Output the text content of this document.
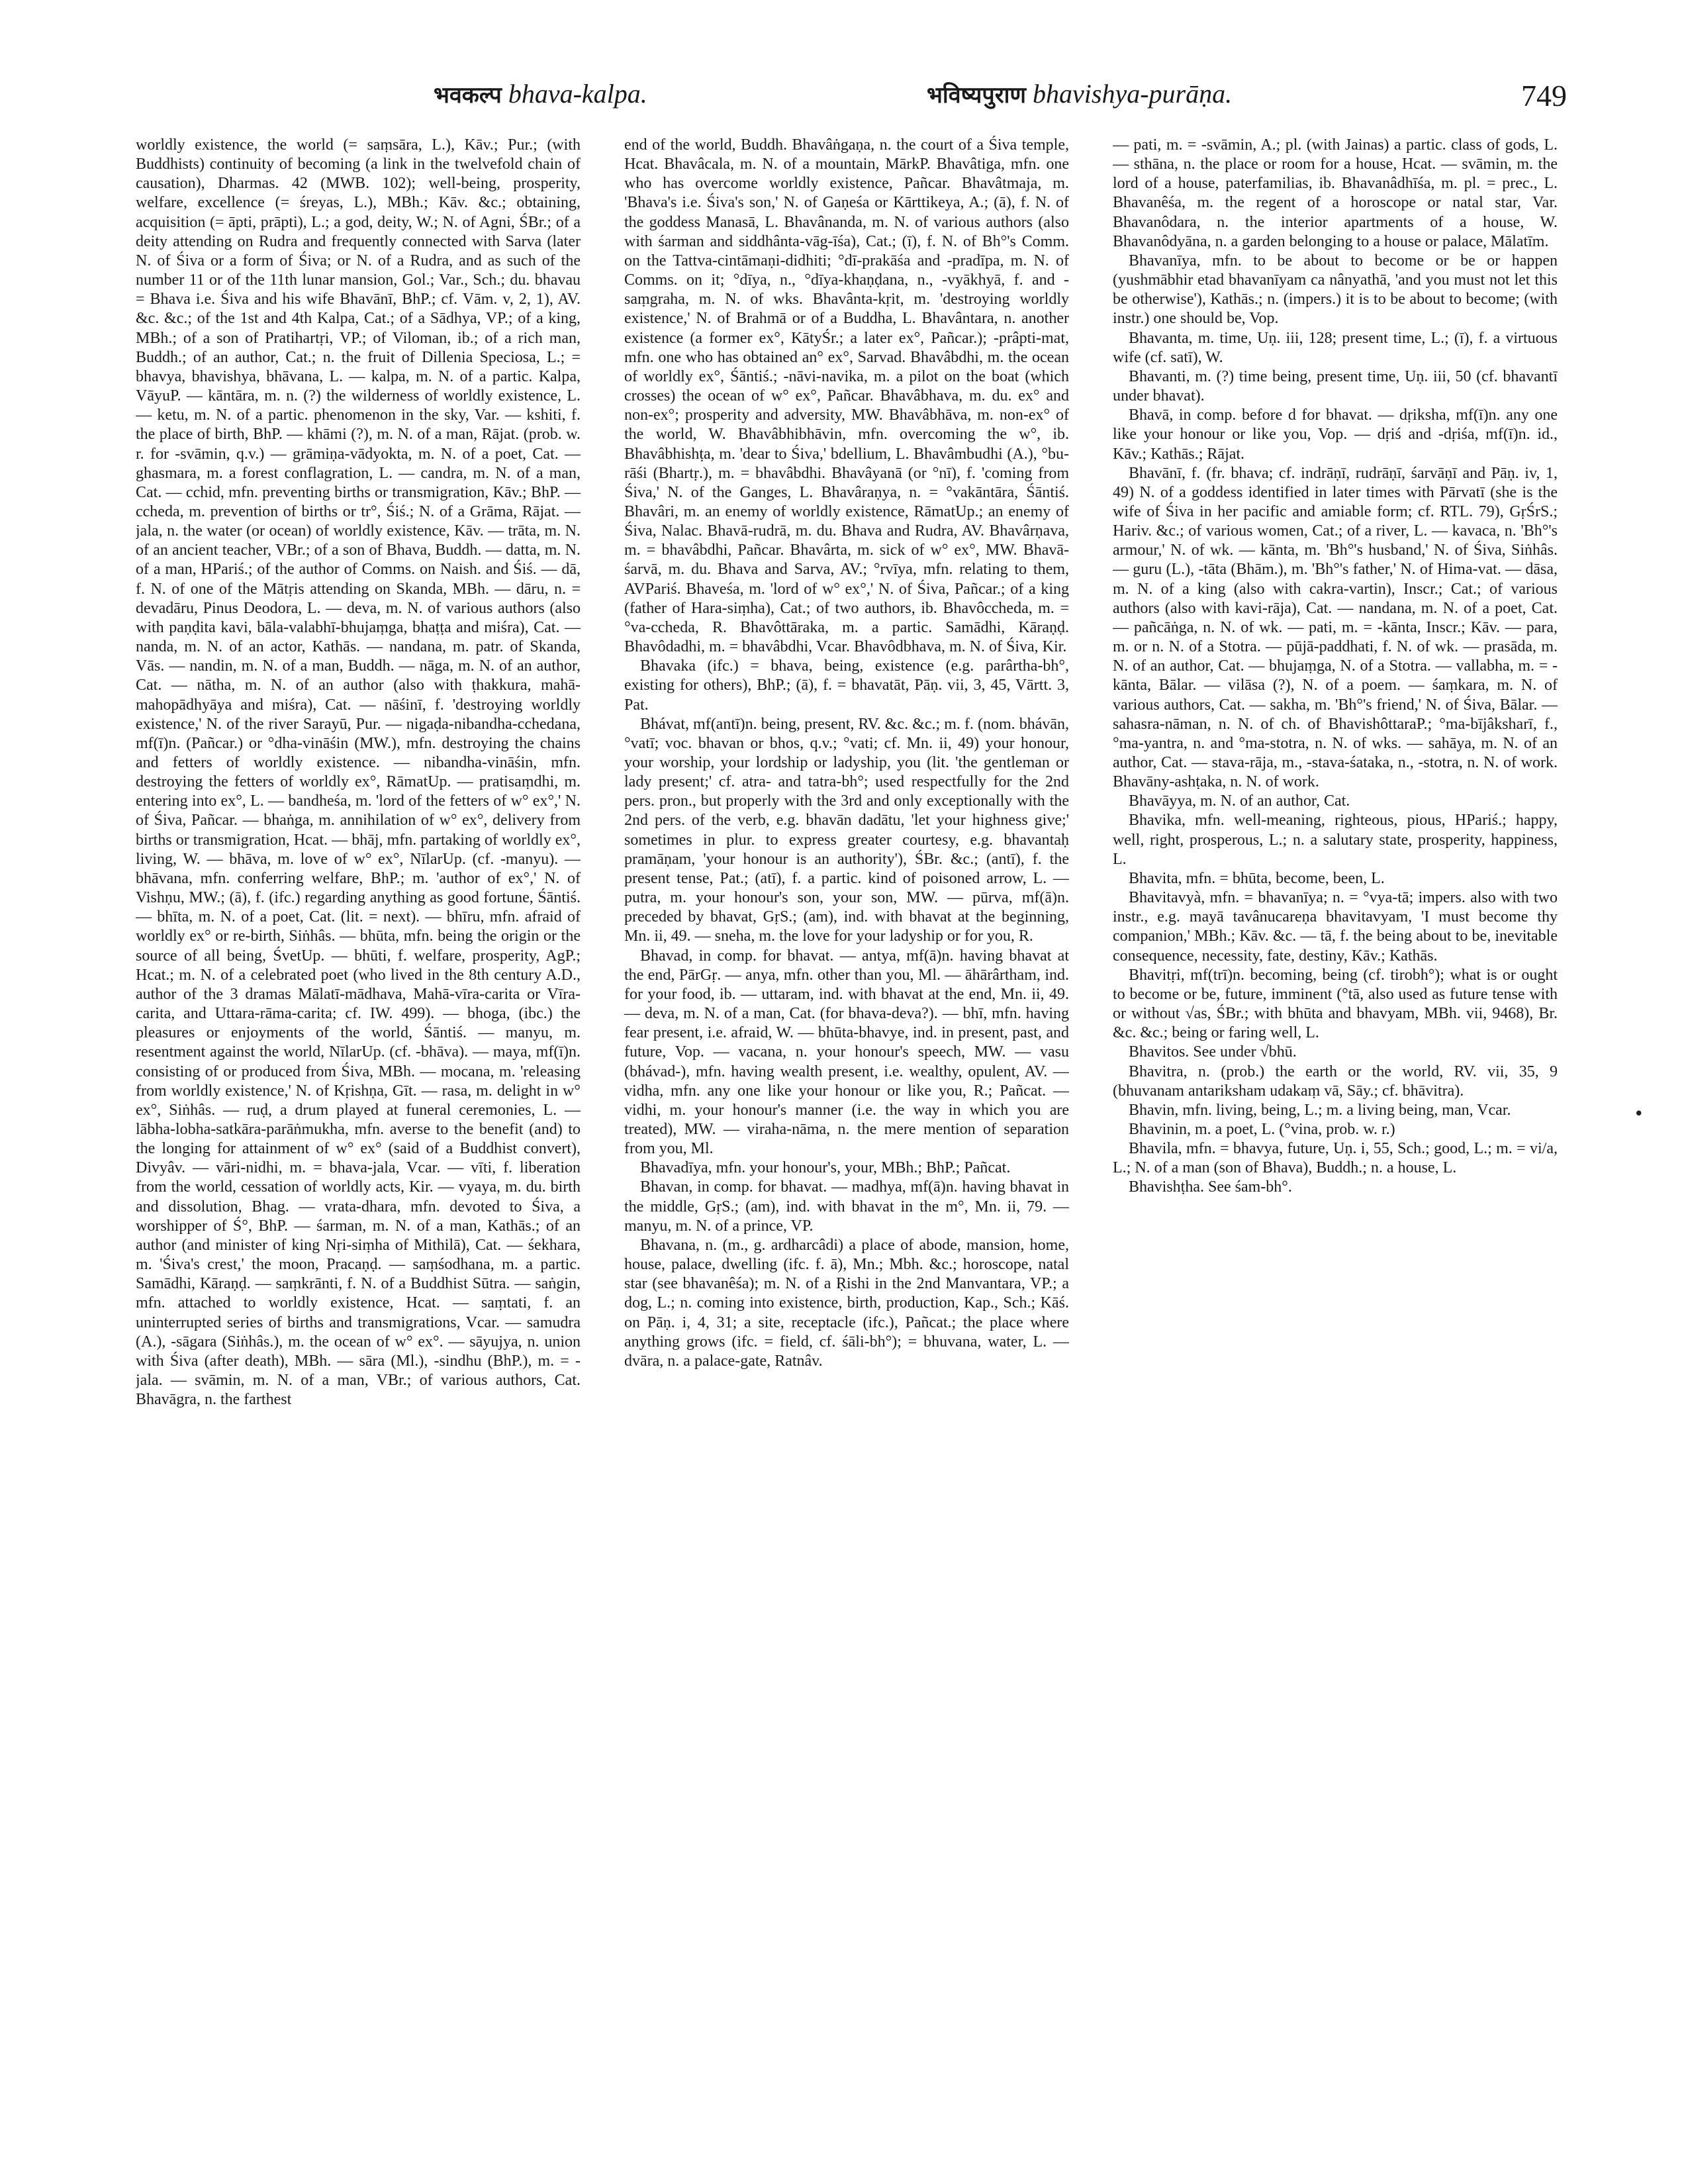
भवकल्प bhava-kalpa.	भविष्यपुराण bhavishya-purāṇa.	749

worldly existence, the world (= saṃsāra, L.), Kāv.; Pur.; (with Buddhists) continuity of becoming (a link in the twelvefold chain of causation), Dharmas. 42 (MWB. 102); well-being, prosperity, welfare, excellence (= śreyas, L.), MBh.; Kāv. &c.; obtaining, acquisition (= āpti, prāpti), L.; a god, deity, W.; N. of Agni, ŚBr.; of a deity attending on Rudra and frequently connected with Sarva (later N. of Śiva or a form of Śiva; or N. of a Rudra, and as such of the number 11 or of the 11th lunar mansion, Gol.; Var., Sch.; du. bhavau = Bhava i.e. Śiva and his wife Bhavānī, BhP.; cf. Vām. v, 2, 1), AV. &c. &c.; of the 1st and 4th Kalpa, Cat.; of a Sādhya, VP.; of a king, MBh.; of a son of Pratihartṛi, VP.; of Viloman, ib.; of a rich man, Buddh.; of an author, Cat.; n. the fruit of Dillenia Speciosa, L.; = bhavya, bhavishya, bhāvana, L. — kalpa, m. N. of a partic. Kalpa, VāyuP. — kāntāra, m. n. (?) the wilderness of worldly existence, L. — ketu, m. N. of a partic. phenomenon in the sky, Var. — kshiti, f. the place of birth, BhP. — khāmi (?), m. N. of a man, Rājat. (prob. w. r. for -svāmin, q.v.) — grāmiṇa-vādyokta, m. N. of a poet, Cat. — ghasmara, m. a forest conflagration, L. — candra, m. N. of a man, Cat. — cchid, mfn. preventing births or transmigration, Kāv.; BhP. — ccheda, m. prevention of births or tr°, Śiś.; N. of a Grāma, Rājat. — jala, n. the water (or ocean) of worldly existence, Kāv. — trāta, m. N. of an ancient teacher, VBr.; of a son of Bhava, Buddh. — datta, m. N. of a man, HPariś.; of the author of Comms. on Naish. and Śiś. — dā, f. N. of one of the Mātṛis attending on Skanda, MBh. — dāru, n. = devadāru, Pinus Deodora, L. — deva, m. N. of various authors (also with paṇḍita kavi, bāla-valabhī-bhujaṃga, bhaṭṭa and miśra), Cat. — nanda, m. N. of an actor, Kathās. — nandana, m. patr. of Skanda, Vās. — nandin, m. N. of a man, Buddh. — nāga, m. N. of an author, Cat. — nātha, m. N. of an author (also with ṭhakkura, mahā-mahopādhyāya and miśra), Cat. — nāśinī, f. 'destroying worldly existence,' N. of the river Sarayū, Pur. — nigaḍa-nibandha-cchedana, mf(ī)n. (Pañcar.) or °dha-vināśin (MW.), mfn. destroying the chains and fetters of worldly existence. — nibandha-vināśin, mfn. destroying the fetters of worldly ex°, RāmatUp. — pratisaṃdhi, m. entering into ex°, L. — bandheśa, m. 'lord of the fetters of w° ex°,' N. of Śiva, Pañcar. — bhaṅga, m. annihilation of w° ex°, delivery from births or transmigration, Hcat. — bhāj, mfn. partaking of worldly ex°, living, W. — bhāva, m. love of w° ex°, NīlarUp. (cf. -manyu). — bhāvana, mfn. conferring welfare, BhP.; m. 'author of ex°,' N. of Vishṇu, MW.; (ā), f. (ifc.) regarding anything as good fortune, Śāntiś. — bhīta, m. N. of a poet, Cat. (lit. = next). — bhīru, mfn. afraid of worldly ex° or re-birth, Siṅhâs. — bhūta, mfn. being the origin or the source of all being, ŚvetUp. — bhūti, f. welfare, prosperity, AgP.; Hcat.; m. N. of a celebrated poet (who lived in the 8th century A.D., author of the 3 dramas Mālatī-mādhava, Mahā-vīra-carita or Vīra-carita, and Uttara-rāma-carita; cf. IW. 499). — bhoga, (ibc.) the pleasures or enjoyments of the world, Śāntiś. — manyu, m. resentment against the world, NīlarUp. (cf. -bhāva). — maya, mf(ī)n. consisting of or produced from Śiva, MBh. — mocana, m. 'releasing from worldly existence,' N. of Kṛishṇa, Gīt. — rasa, m. delight in w° ex°, Siṅhâs. — ruḍ, a drum played at funeral ceremonies, L. — lābha-lobha-satkāra-parāṅmukha, mfn. averse to the benefit (and) to the longing for attainment of w° ex° (said of a Buddhist convert), Divyâv. — vāri-nidhi, m. = bhava-jala, Vcar. — vīti, f. liberation from the world, cessation of worldly acts, Kir. — vyaya, m. du. birth and dissolution, Bhag. — vrata-dhara, mfn. devoted to Śiva, a worshipper of Ś°, BhP. — śarman, m. N. of a man, Kathās.; of an author (and minister of king Nṛi-siṃha of Mithilā), Cat. — śekhara, m. 'Śiva's crest,' the moon, Pracaṇḍ. — saṃśodhana, m. a partic. Samādhi, Kāraṇḍ. — saṃkrānti, f. N. of a Buddhist Sūtra. — saṅgin, mfn. attached to worldly existence, Hcat. — saṃtati, f. an uninterrupted series of births and transmigrations, Vcar. — samudra (A.), -sāgara (Siṅhâs.), m. the ocean of w° ex°. — sāyujya, n. union with Śiva (after death), MBh. — sāra (Ml.), -sindhu (BhP.), m. = -jala. — svāmin, m. N. of a man, VBr.; of various authors, Cat. Bhavāgra, n. the farthest

end of the world, Buddh. Bhavâṅgaṇa, n. the court of a Śiva temple, Hcat. Bhavâcala, m. N. of a mountain, MārkP. Bhavâtiga, mfn. one who has overcome worldly existence, Pañcar. Bhavâtmaja, m. 'Bhava's i.e. Śiva's son,' N. of Gaṇeśa or Kārttikeya, A.; (ā), f. N. of the goddess Manasā, L. Bhavânanda, m. N. of various authors (also with śarman and siddhânta-vāg-īśa), Cat.; (ī), f. N. of Bh°'s Comm. on the Tattva-cintāmaṇi-didhiti; °dī-prakāśa and -pradīpa, m. N. of Comms. on it; °dīya, n., °dīya-khaṇḍana, n., -vyākhyā, f. and -saṃgraha, m. N. of wks. Bhavânta-kṛit, m. 'destroying worldly existence,' N. of Brahmā or of a Buddha, L. Bhavântara, n. another existence (a former ex°, KātyŚr.; a later ex°, Pañcar.); -prâpti-mat, mfn. one who has obtained an° ex°, Sarvad. Bhavâbdhi, m. the ocean of worldly ex°, Śāntiś.; -nāvi-navika, m. a pilot on the boat (which crosses) the ocean of w° ex°, Pañcar. Bhavâbhava, m. du. ex° and non-ex°; prosperity and adversity, MW. Bhavâbhāva, m. non-ex° of the world, W. Bhavâbhibhāvin, mfn. overcoming the w°, ib. Bhavâbhishṭa, m. 'dear to Śiva,' bdellium, L. Bhavâmbudhi (A.), °bu-rāśi (Bhartṛ.), m. = bhavâbdhi. Bhavâyanā (or °nī), f. 'coming from Śiva,' N. of the Ganges, L. Bhavâraṇya, n. = °vakāntāra, Śāntiś. Bhavâri, m. an enemy of worldly existence, RāmatUp.; an enemy of Śiva, Nalac. Bhavā-rudrā, m. du. Bhava and Rudra, AV. Bhavârṇava, m. = bhavâbdhi, Pañcar. Bhavârta, m. sick of w° ex°, MW. Bhavā-śarvā, m. du. Bhava and Sarva, AV.; °rvīya, mfn. relating to them, AVPariś. Bhaveśa, m. 'lord of w° ex°,' N. of Śiva, Pañcar.; of a king (father of Hara-siṃha), Cat.; of two authors, ib. Bhavôccheda, m. = °va-ccheda, R. Bhavôttāraka, m. a partic. Samādhi, Kāraṇḍ. Bhavôdadhi, m. = bhavâbdhi, Vcar. Bhavôdbhava, m. N. of Śiva, Kir.

Bhavaka (ifc.) = bhava, being, existence (e.g. parârtha-bh°, existing for others), BhP.; (ā), f. = bhavatāt, Pāṇ. vii, 3, 45, Vārtt. 3, Pat.

Bhávat, mf(antī)n. being, present, RV. &c. &c.; m. f. (nom. bhávān, °vatī; voc. bhavan or bhos, q.v.; °vati; cf. Mn. ii, 49) your honour, your worship, your lordship or ladyship, you (lit. 'the gentleman or lady present;' cf. atra- and tatra-bh°; used respectfully for the 2nd pers. pron., but properly with the 3rd and only exceptionally with the 2nd pers. of the verb, e.g. bhavān dadātu, 'let your highness give;' sometimes in plur. to express greater courtesy, e.g. bhavantaḥ pramāṇam, 'your honour is an authority'), ŚBr. &c.; (antī), f. the present tense, Pat.; (atī), f. a partic. kind of poisoned arrow, L. — putra, m. your honour's son, your son, MW. — pūrva, mf(ā)n. preceded by bhavat, GṛS.; (am), ind. with bhavat at the beginning, Mn. ii, 49. — sneha, m. the love for your ladyship or for you, R.

Bhavad, in comp. for bhavat. — antya, mf(ā)n. having bhavat at the end, PārGṛ. — anya, mfn. other than you, Ml. — āhārârtham, ind. for your food, ib. — uttaram, ind. with bhavat at the end, Mn. ii, 49. — deva, m. N. of a man, Cat. (for bhava-deva?). — bhī, mfn. having fear present, i.e. afraid, W. — bhūta-bhavye, ind. in present, past, and future, Vop. — vacana, n. your honour's speech, MW. — vasu (bhávad-), mfn. having wealth present, i.e. wealthy, opulent, AV. — vidha, mfn. any one like your honour or like you, R.; Pañcat. — vidhi, m. your honour's manner (i.e. the way in which you are treated), MW. — viraha-nāma, n. the mere mention of separation from you, Ml.

Bhavadīya, mfn. your honour's, your, MBh.; BhP.; Pañcat.

Bhavan, in comp. for bhavat. — madhya, mf(ā)n. having bhavat in the middle, GṛS.; (am), ind. with bhavat in the m°, Mn. ii, 79. — manyu, m. N. of a prince, VP.

Bhavana, n. (m., g. ardharcâdi) a place of abode, mansion, home, house, palace, dwelling (ifc. f. ā), Mn.; Mbh. &c.; horoscope, natal star (see bhavanêśa); m. N. of a Ṛishi in the 2nd Manvantara, VP.; a dog, L.; n. coming into existence, birth, production, Kap., Sch.; Kāś. on Pāṇ. i, 4, 31; a site, receptacle (ifc.), Pañcat.; the place where anything grows (ifc. = field, cf. śāli-bh°); = bhuvana, water, L. — dvāra, n. a palace-gate, Ratnâv.

— pati, m. = -svāmin, A.; pl. (with Jainas) a partic. class of gods, L. — sthāna, n. the place or room for a house, Hcat. — svāmin, m. the lord of a house, paterfamilias, ib. Bhavanâdhīśa, m. pl. = prec., L. Bhavanêśa, m. the regent of a horoscope or natal star, Var. Bhavanôdara, n. the interior apartments of a house, W. Bhavanôdyāna, n. a garden belonging to a house or palace, Mālatīm.

Bhavanīya, mfn. to be about to become or be or happen (yushmābhir etad bhavanīyam ca nânyathā, 'and you must not let this be otherwise'), Kathās.; n. (impers.) it is to be about to become; (with instr.) one should be, Vop.

Bhavanta, m. time, Uṇ. iii, 128; present time, L.; (ī), f. a virtuous wife (cf. satī), W.

Bhavanti, m. (?) time being, present time, Uṇ. iii, 50 (cf. bhavantī under bhavat).

Bhavā, in comp. before d for bhavat. — dṛiksha, mf(ī)n. any one like your honour or like you, Vop. — dṛiś and -dṛiśa, mf(ī)n. id., Kāv.; Kathās.; Rājat.

Bhavānī, f. (fr. bhava; cf. indrāṇī, rudrāṇī, śarvāṇī and Pāṇ. iv, 1, 49) N. of a goddess identified in later times with Pārvatī (she is the wife of Śiva in her pacific and amiable form; cf. RTL. 79), GṛŚrS.; Hariv. &c.; of various women, Cat.; of a river, L. — kavaca, n. 'Bh°'s armour,' N. of wk. — kānta, m. 'Bh°'s husband,' N. of Śiva, Siṅhâs. — guru (L.), -tāta (Bhām.), m. 'Bh°'s father,' N. of Hima-vat. — dāsa, m. N. of a king (also with cakra-vartin), Inscr.; Cat.; of various authors (also with kavi-rāja), Cat. — nandana, m. N. of a poet, Cat. — pañcāṅga, n. N. of wk. — pati, m. = -kānta, Inscr.; Kāv. — para, m. or n. N. of a Stotra. — pūjā-paddhati, f. N. of wk. — prasāda, m. N. of an author, Cat. — bhujaṃga, N. of a Stotra. — vallabha, m. = -kānta, Bālar. — vilāsa (?), N. of a poem. — śaṃkara, m. N. of various authors, Cat. — sakha, m. 'Bh°'s friend,' N. of Śiva, Bālar. — sahasra-nāman, n. N. of ch. of BhavishôttaraP.; °ma-bījâksharī, f., °ma-yantra, n. and °ma-stotra, n. N. of wks. — sahāya, m. N. of an author, Cat. — stava-rāja, m., -stava-śataka, n., -stotra, n. N. of work. Bhavāny-ashṭaka, n. N. of work.

Bhavāyya, m. N. of an author, Cat.

Bhavika, mfn. well-meaning, righteous, pious, HPariś.; happy, well, right, prosperous, L.; n. a salutary state, prosperity, happiness, L.

Bhavita, mfn. = bhūta, become, been, L.

Bhavitavyà, mfn. = bhavanīya; n. = °vya-tā; impers. also with two instr., e.g. mayā tavânucareṇa bhavitavyam, 'I must become thy companion,' MBh.; Kāv. &c. — tā, f. the being about to be, inevitable consequence, necessity, fate, destiny, Kāv.; Kathās.

Bhavitṛi, mf(trī)n. becoming, being (cf. tirobh°); what is or ought to become or be, future, imminent (°tā, also used as future tense with or without √as, ŚBr.; with bhūta and bhavyam, MBh. vii, 9468), Br. &c. &c.; being or faring well, L.

Bhavitos. See under √bhū.

Bhavitra, n. (prob.) the earth or the world, RV. vii, 35, 9 (bhuvanam antariksham udakaṃ vā, Sāy.; cf. bhāvitra).

Bhavin, mfn. living, being, L.; m. a living being, man, Vcar.

Bhavinin, m. a poet, L. (°vina, prob. w. r.)

Bhavila, mfn. = bhavya, future, Uṇ. i, 55, Sch.; good, L.; m. = vi/a, L.; N. of a man (son of Bhava), Buddh.; n. a house, L.

Bhavishṭha. See śam-bh°.

•
